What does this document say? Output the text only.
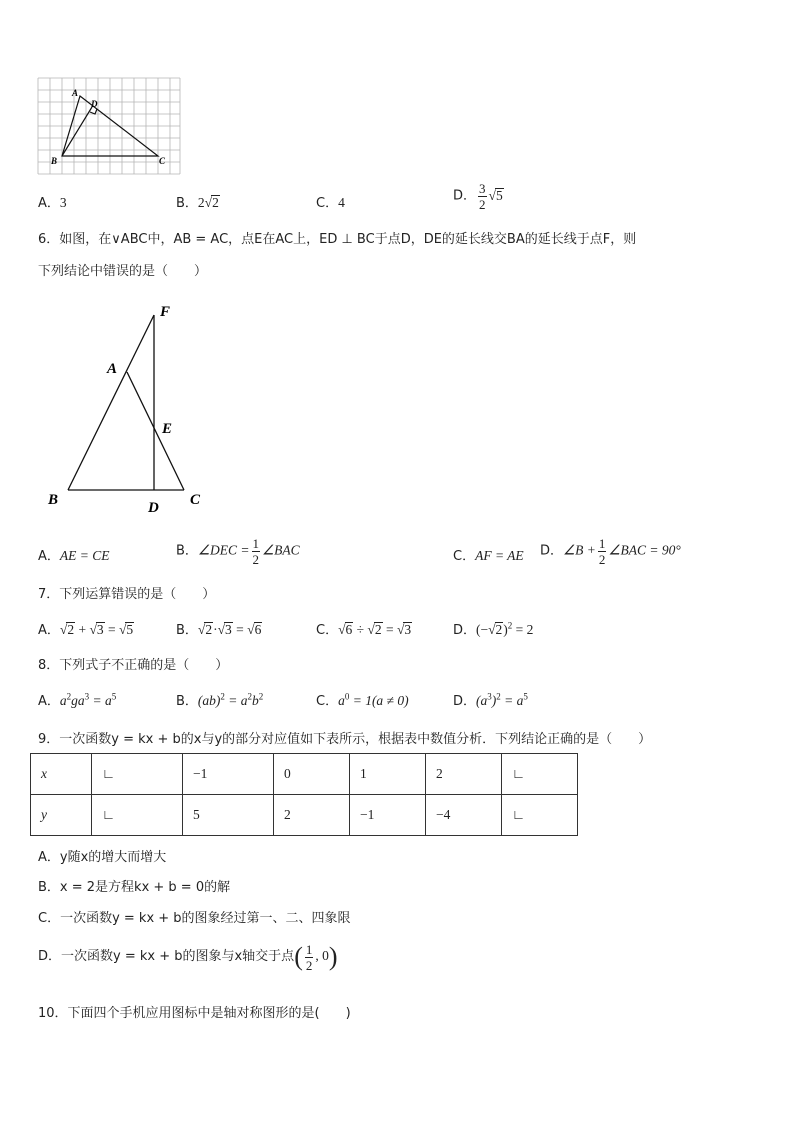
A
D
B	C
A．3	B．2√2	C．4	D． $\frac{3}{2} √5$
6．如图，在∨ABC中，AB = AC，点E在AC上，ED ⊥ BC于点D，DE的延长线交BA的延长线于点F，则
下列结论中错误的是（　　）
F
A
E
B	D C
A．AE = CE	B．∠DEC = $\frac{1}{2}$ ∠BAC	C．AF = AE D．∠B + $\frac{1}{2}$ ∠BAC = 90°
7．下列运算错误的是（　　）
A．√2 + √3 = √5	B．√2·√3 = √6	C．√6 ÷ √2 = √3	D．$(-√2)^2 = 2$
8．下列式子不正确的是（　　）
A．$a^2ga^3 = a^5$	B．$(ab)^2 = a^2b^2$	C．$a^0 = 1(a \ne 0)$	D．$(a^3)^2 = a^5$
9．一次函数y = kx + b的x与y的部分对应值如下表所示，根据表中数值分析．下列结论正确的是（　　）
x	∟	−1	0	1	2	∟
y	∟	5	2	−1	−4	∟
A．y随x的增大而增大
B．x = 2是方程kx + b = 0的解
C．一次函数y = kx + b的图象经过第一、二、四象限
D．一次函数y = kx + b的图象与x轴交于点( $\frac{1}{2}$ , 0)
10．下面四个手机应用图标中是轴对称图形的是(　　)
